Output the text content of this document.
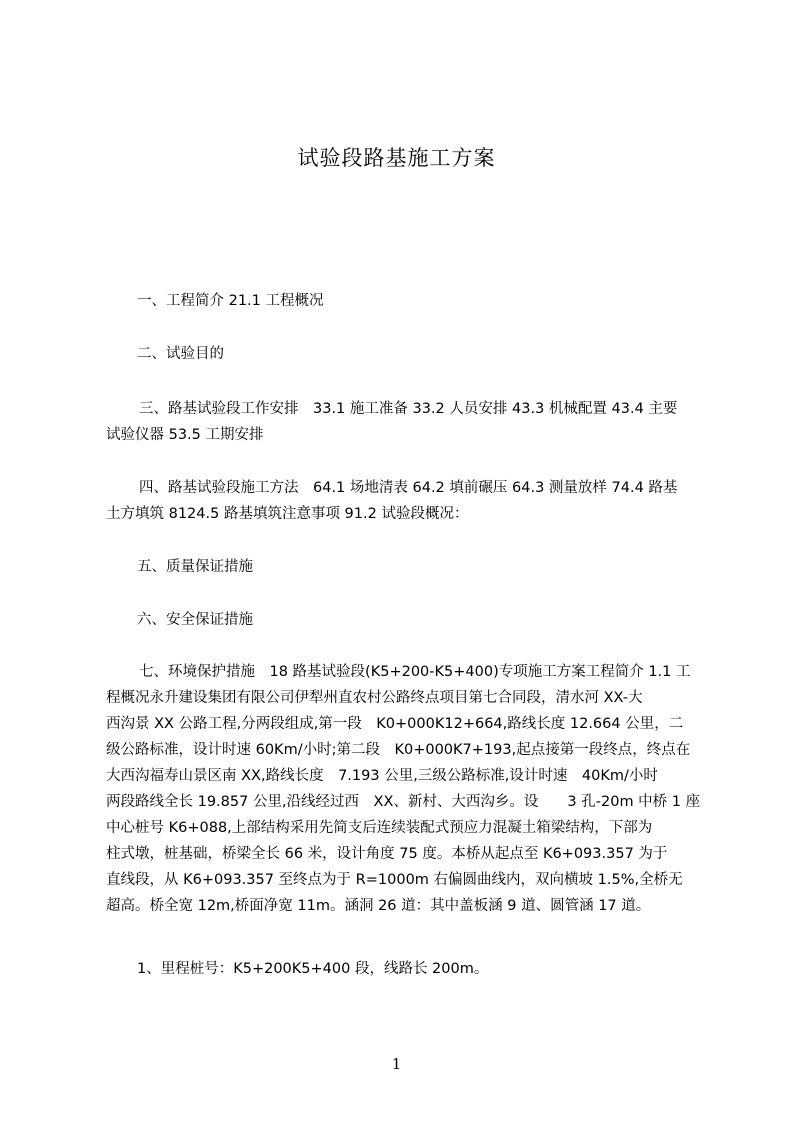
试验段路基施工方案
一、工程简介 21.1 工程概况
二、试验目的
三、路基试验段工作安排　33.1 施工准备 33.2 人员安排 43.3 机械配置 43.4 主要
试验仪器 53.5 工期安排
四、路基试验段施工方法　64.1 场地清表 64.2 填前碾压 64.3 测量放样 74.4 路基
土方填筑 8124.5 路基填筑注意事项 91.2 试验段概况：
五、质量保证措施
六、安全保证措施
七、环境保护措施　18 路基试验段(K5+200-K5+400)专项施工方案工程简介 1.1 工
程概况永升建设集团有限公司伊犁州直农村公路终点项目第七合同段，清水河 XX-大
西沟景 XX 公路工程,分两段组成,第一段　K0+000K12+664,路线长度 12.664 公里，二
级公路标准，设计时速 60Km/小时;第二段　K0+000K7+193,起点接第一段终点，终点在
大西沟福寿山景区南 XX,路线长度　7.193 公里,三级公路标准,设计时速　40Km/小时
两段路线全长 19.857 公里,沿线经过西　XX、新村、大西沟乡。设　　3 孔-20m 中桥 1 座
中心桩号 K6+088,上部结构采用先简支后连续装配式预应力混凝土箱梁结构，下部为
柱式墩，桩基础，桥梁全长 66 米，设计角度 75 度。本桥从起点至 K6+093.357 为于
直线段，从 K6+093.357 至终点为于 R=1000m 右偏圆曲线内，双向横坡 1.5%,全桥无
超高。桥全宽 12m,桥面净宽 11m。涵洞 26 道：其中盖板涵 9 道、圆管涵 17 道。
1、里程桩号：K5+200K5+400 段，线路长 200m。
1
